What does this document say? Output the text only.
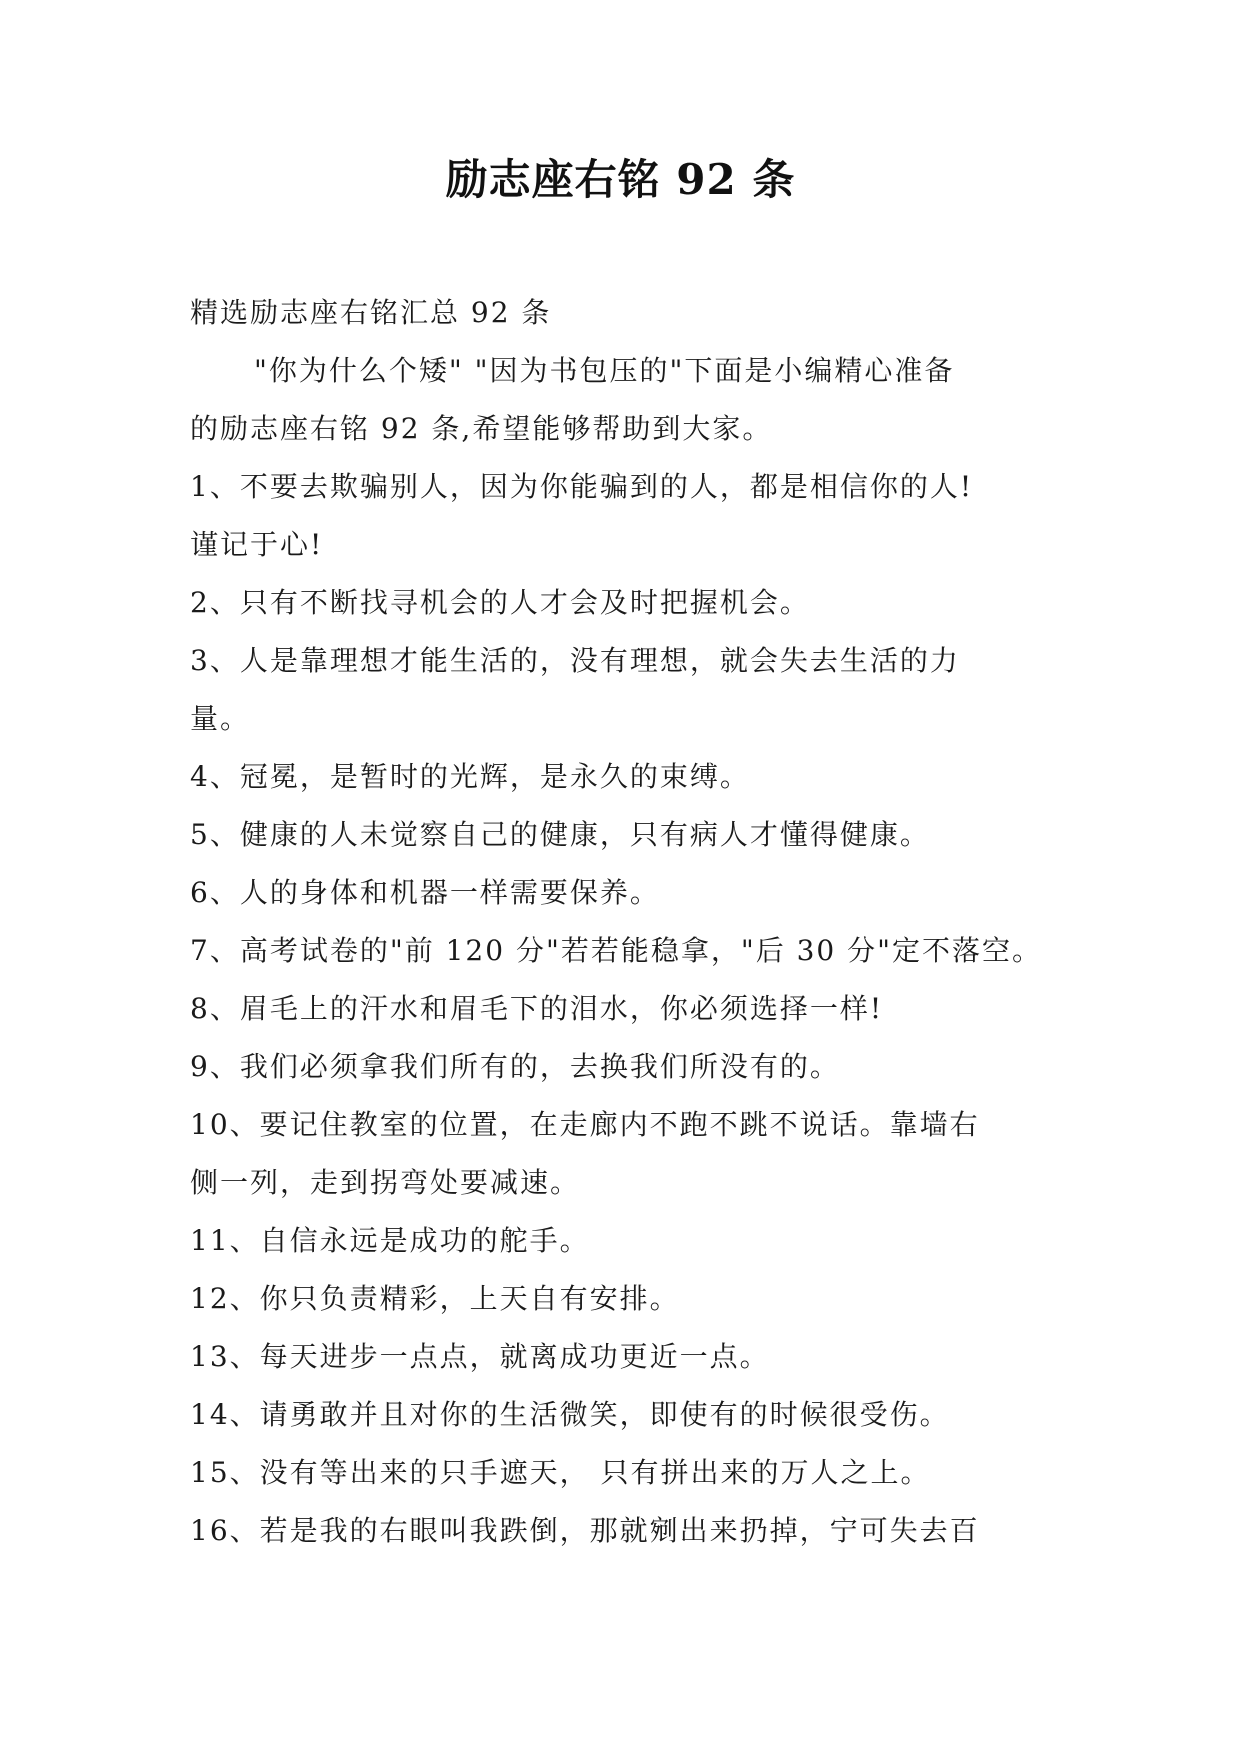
励志座右铭 92 条

精选励志座右铭汇总 92 条

"你为什么个矮" "因为书包压的"下面是小编精心准备

的励志座右铭 92 条,希望能够帮助到大家。

1、不要去欺骗别人，因为你能骗到的人，都是相信你的人!

谨记于心!

2、只有不断找寻机会的人才会及时把握机会。

3、人是靠理想才能生活的，没有理想，就会失去生活的力

量。

4、冠冕，是暂时的光辉，是永久的束缚。

5、健康的人未觉察自己的健康，只有病人才懂得健康。

6、人的身体和机器一样需要保养。

7、高考试卷的"前 120 分"若若能稳拿，"后 30 分"定不落空。

8、眉毛上的汗水和眉毛下的泪水，你必须选择一样!

9、我们必须拿我们所有的，去换我们所没有的。

10、要记住教室的位置，在走廊内不跑不跳不说话。靠墙右

侧一列，走到拐弯处要减速。

11、自信永远是成功的舵手。

12、你只负责精彩，上天自有安排。

13、每天进步一点点，就离成功更近一点。

14、请勇敢并且对你的生活微笑，即使有的时候很受伤。

15、没有等出来的只手遮天， 只有拼出来的万人之上。

16、若是我的右眼叫我跌倒，那就剜出来扔掉，宁可失去百
